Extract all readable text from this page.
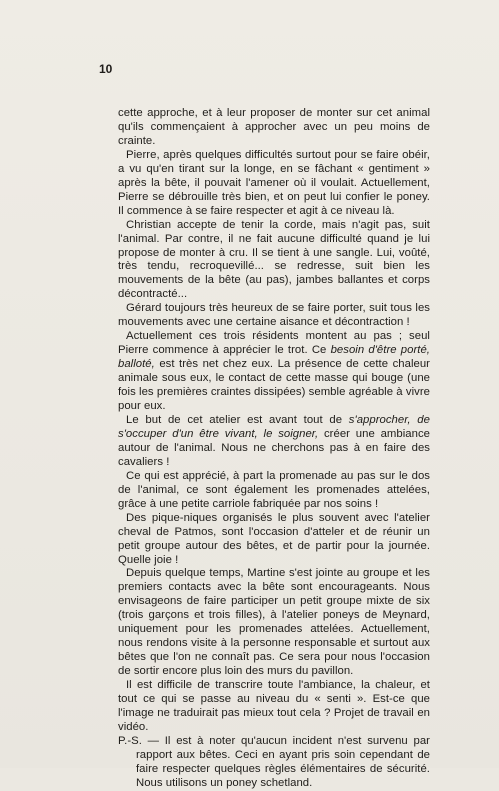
10

cette approche, et à leur proposer de monter sur cet animal qu'ils commençaient à approcher avec un peu moins de crainte.

Pierre, après quelques difficultés surtout pour se faire obéir, a vu qu'en tirant sur la longe, en se fâchant « gentiment » après la bête, il pouvait l'amener où il voulait. Actuellement, Pierre se débrouille très bien, et on peut lui confier le poney. Il commence à se faire respecter et agit à ce niveau là.

Christian accepte de tenir la corde, mais n'agit pas, suit l'animal. Par contre, il ne fait aucune difficulté quand je lui propose de monter à cru. Il se tient à une sangle. Lui, voûté, très tendu, recroquevillé... se redresse, suit bien les mouvements de la bête (au pas), jambes ballantes et corps décontracté...

Gérard toujours très heureux de se faire porter, suit tous les mouvements avec une certaine aisance et décontraction !

Actuellement ces trois résidents montent au pas ; seul Pierre commence à apprécier le trot. Ce besoin d'être porté, balloté, est très net chez eux. La présence de cette chaleur animale sous eux, le contact de cette masse qui bouge (une fois les premières craintes dissipées) semble agréable à vivre pour eux.

Le but de cet atelier est avant tout de s'approcher, de s'occuper d'un être vivant, le soigner, créer une ambiance autour de l'animal. Nous ne cherchons pas à en faire des cavaliers !

Ce qui est apprécié, à part la promenade au pas sur le dos de l'animal, ce sont également les promenades attelées, grâce à une petite carriole fabriquée par nos soins !

Des pique-niques organisés le plus souvent avec l'atelier cheval de Patmos, sont l'occasion d'atteler et de réunir un petit groupe autour des bêtes, et de partir pour la journée. Quelle joie !

Depuis quelque temps, Martine s'est jointe au groupe et les premiers contacts avec la bête sont encourageants. Nous envisageons de faire participer un petit groupe mixte de six (trois garçons et trois filles), à l'atelier poneys de Meynard, uniquement pour les promenades attelées. Actuellement, nous rendons visite à la personne responsable et surtout aux bêtes que l'on ne connaît pas. Ce sera pour nous l'occasion de sortir encore plus loin des murs du pavillon.

Il est difficile de transcrire toute l'ambiance, la chaleur, et tout ce qui se passe au niveau du « senti ». Est-ce que l'image ne traduirait pas mieux tout cela ? Projet de travail en vidéo.

P.-S. — Il est à noter qu'aucun incident n'est survenu par rapport aux bêtes. Ceci en ayant pris soin cependant de faire respecter quelques règles élémentaires de sécurité. Nous utilisons un poney schetland.
